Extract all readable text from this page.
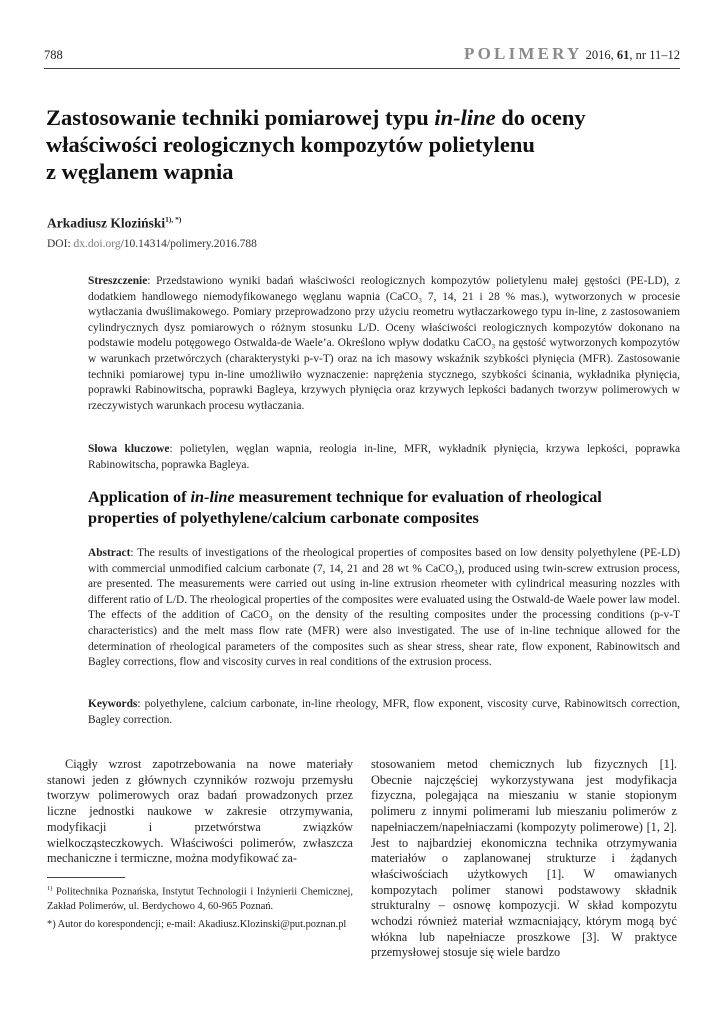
788	POLIMERY 2016, 61, nr 11–12
Zastosowanie techniki pomiarowej typu in-line do oceny
właściwości reologicznych kompozytów polietylenu
z węglanem wapnia
Arkadiusz Kloziński$^{1), *)}$
DOI: dx.doi.org/10.14314/polimery.2016.788

Streszczenie: Przedstawiono wyniki badań właściwości reologicznych kompozytów polietylenu małej gęstości (PE-LD), z dodatkiem handlowego niemodyfikowanego węglanu wapnia (CaCO₃ 7, 14, 21 i 28 % mas.), wytworzonych w procesie wytłaczania dwuślimakowego. Pomiary przeprowadzono przy użyciu reometru wytłaczarkowego typu in-line, z zastosowaniem cylindrycznych dysz pomiarowych o różnym stosunku L/D. Oceny właściwości reologicznych kompozytów dokonano na podstawie modelu potęgowego Ostwalda-de Waele’a. Określono wpływ dodatku CaCO₃ na gęstość wytworzonych kompozytów w warunkach przetwórczych (charakterystyki p-v-T) oraz na ich masowy wskaźnik szybkości płynięcia (MFR). Zastosowanie techniki pomiarowej typu in-line umożliwiło wyznaczenie: naprężenia stycznego, szybkości ścinania, wykładnika płynięcia, poprawki Rabinowitscha, poprawki Bagleya, krzywych płynięcia oraz krzywych lepkości badanych tworzyw polimerowych w rzeczywistych warunkach procesu wytłaczania.

Słowa kluczowe: polietylen, węglan wapnia, reologia in-line, MFR, wykładnik płynięcia, krzywa lepkości, poprawka Rabinowitscha, poprawka Bagleya.

Application of in-line measurement technique for evaluation of rheological properties of polyethylene/calcium carbonate composites

Abstract: The results of investigations of the rheological properties of composites based on low density polyethylene (PE-LD) with commercial unmodified calcium carbonate (7, 14, 21 and 28 wt % CaCO₃), produced using twin-screw extrusion process, are presented. The measurements were carried out using in-line extrusion rheometer with cylindrical measuring nozzles with different ratio of L/D. The rheological properties of the composites were evaluated using the Ostwald-de Waele power law model. The effects of the addition of CaCO₃ on the density of the resulting composites under the processing conditions (p-v-T characteristics) and the melt mass flow rate (MFR) were also investigated. The use of in-line technique allowed for the determination of rheological parameters of the composites such as shear stress, shear rate, flow exponent, Rabinowitsch and Bagley corrections, flow and viscosity curves in real conditions of the extrusion process.

Keywords: polyethylene, calcium carbonate, in-line rheology, MFR, flow exponent, viscosity curve, Rabinowitsch correction, Bagley correction.

Ciągły wzrost zapotrzebowania na nowe materiały stanowi jeden z głównych czynników rozwoju przemysłu tworzyw polimerowych oraz badań prowadzonych przez liczne jednostki naukowe w zakresie otrzymywania, modyfikacji i przetwórstwa związków wielkocząsteczkowych. Właściwości polimerów, zwłaszcza mechaniczne i termiczne, można modyfikować za-

stosowaniem metod chemicznych lub fizycznych [1]. Obecnie najczęściej wykorzystywana jest modyfikacja fizyczna, polegająca na mieszaniu w stanie stopionym polimeru z innymi polimerami lub mieszaniu polimerów z napełniaczem/napełniaczami (kompozyty polimerowe) [1, 2]. Jest to najbardziej ekonomiczna technika otrzymywania materiałów o zaplanowanej strukturze i żądanych właściwościach użytkowych [1]. W omawianych kompozytach polimer stanowi podstawowy składnik strukturalny – osnowę kompozycji. W skład kompozytu wchodzi również materiał wzmacniający, którym mogą być włókna lub napełniacze proszkowe [3]. W praktyce przemysłowej stosuje się wiele bardzo

$^{1)}$ Politechnika Poznańska, Instytut Technologii i Inżynierii Chemicznej, Zakład Polimerów, ul. Berdychowo 4, 60-965 Poznań.

*) Autor do korespondencji; e-mail: Akadiusz.Klozinski@put.poznan.pl
